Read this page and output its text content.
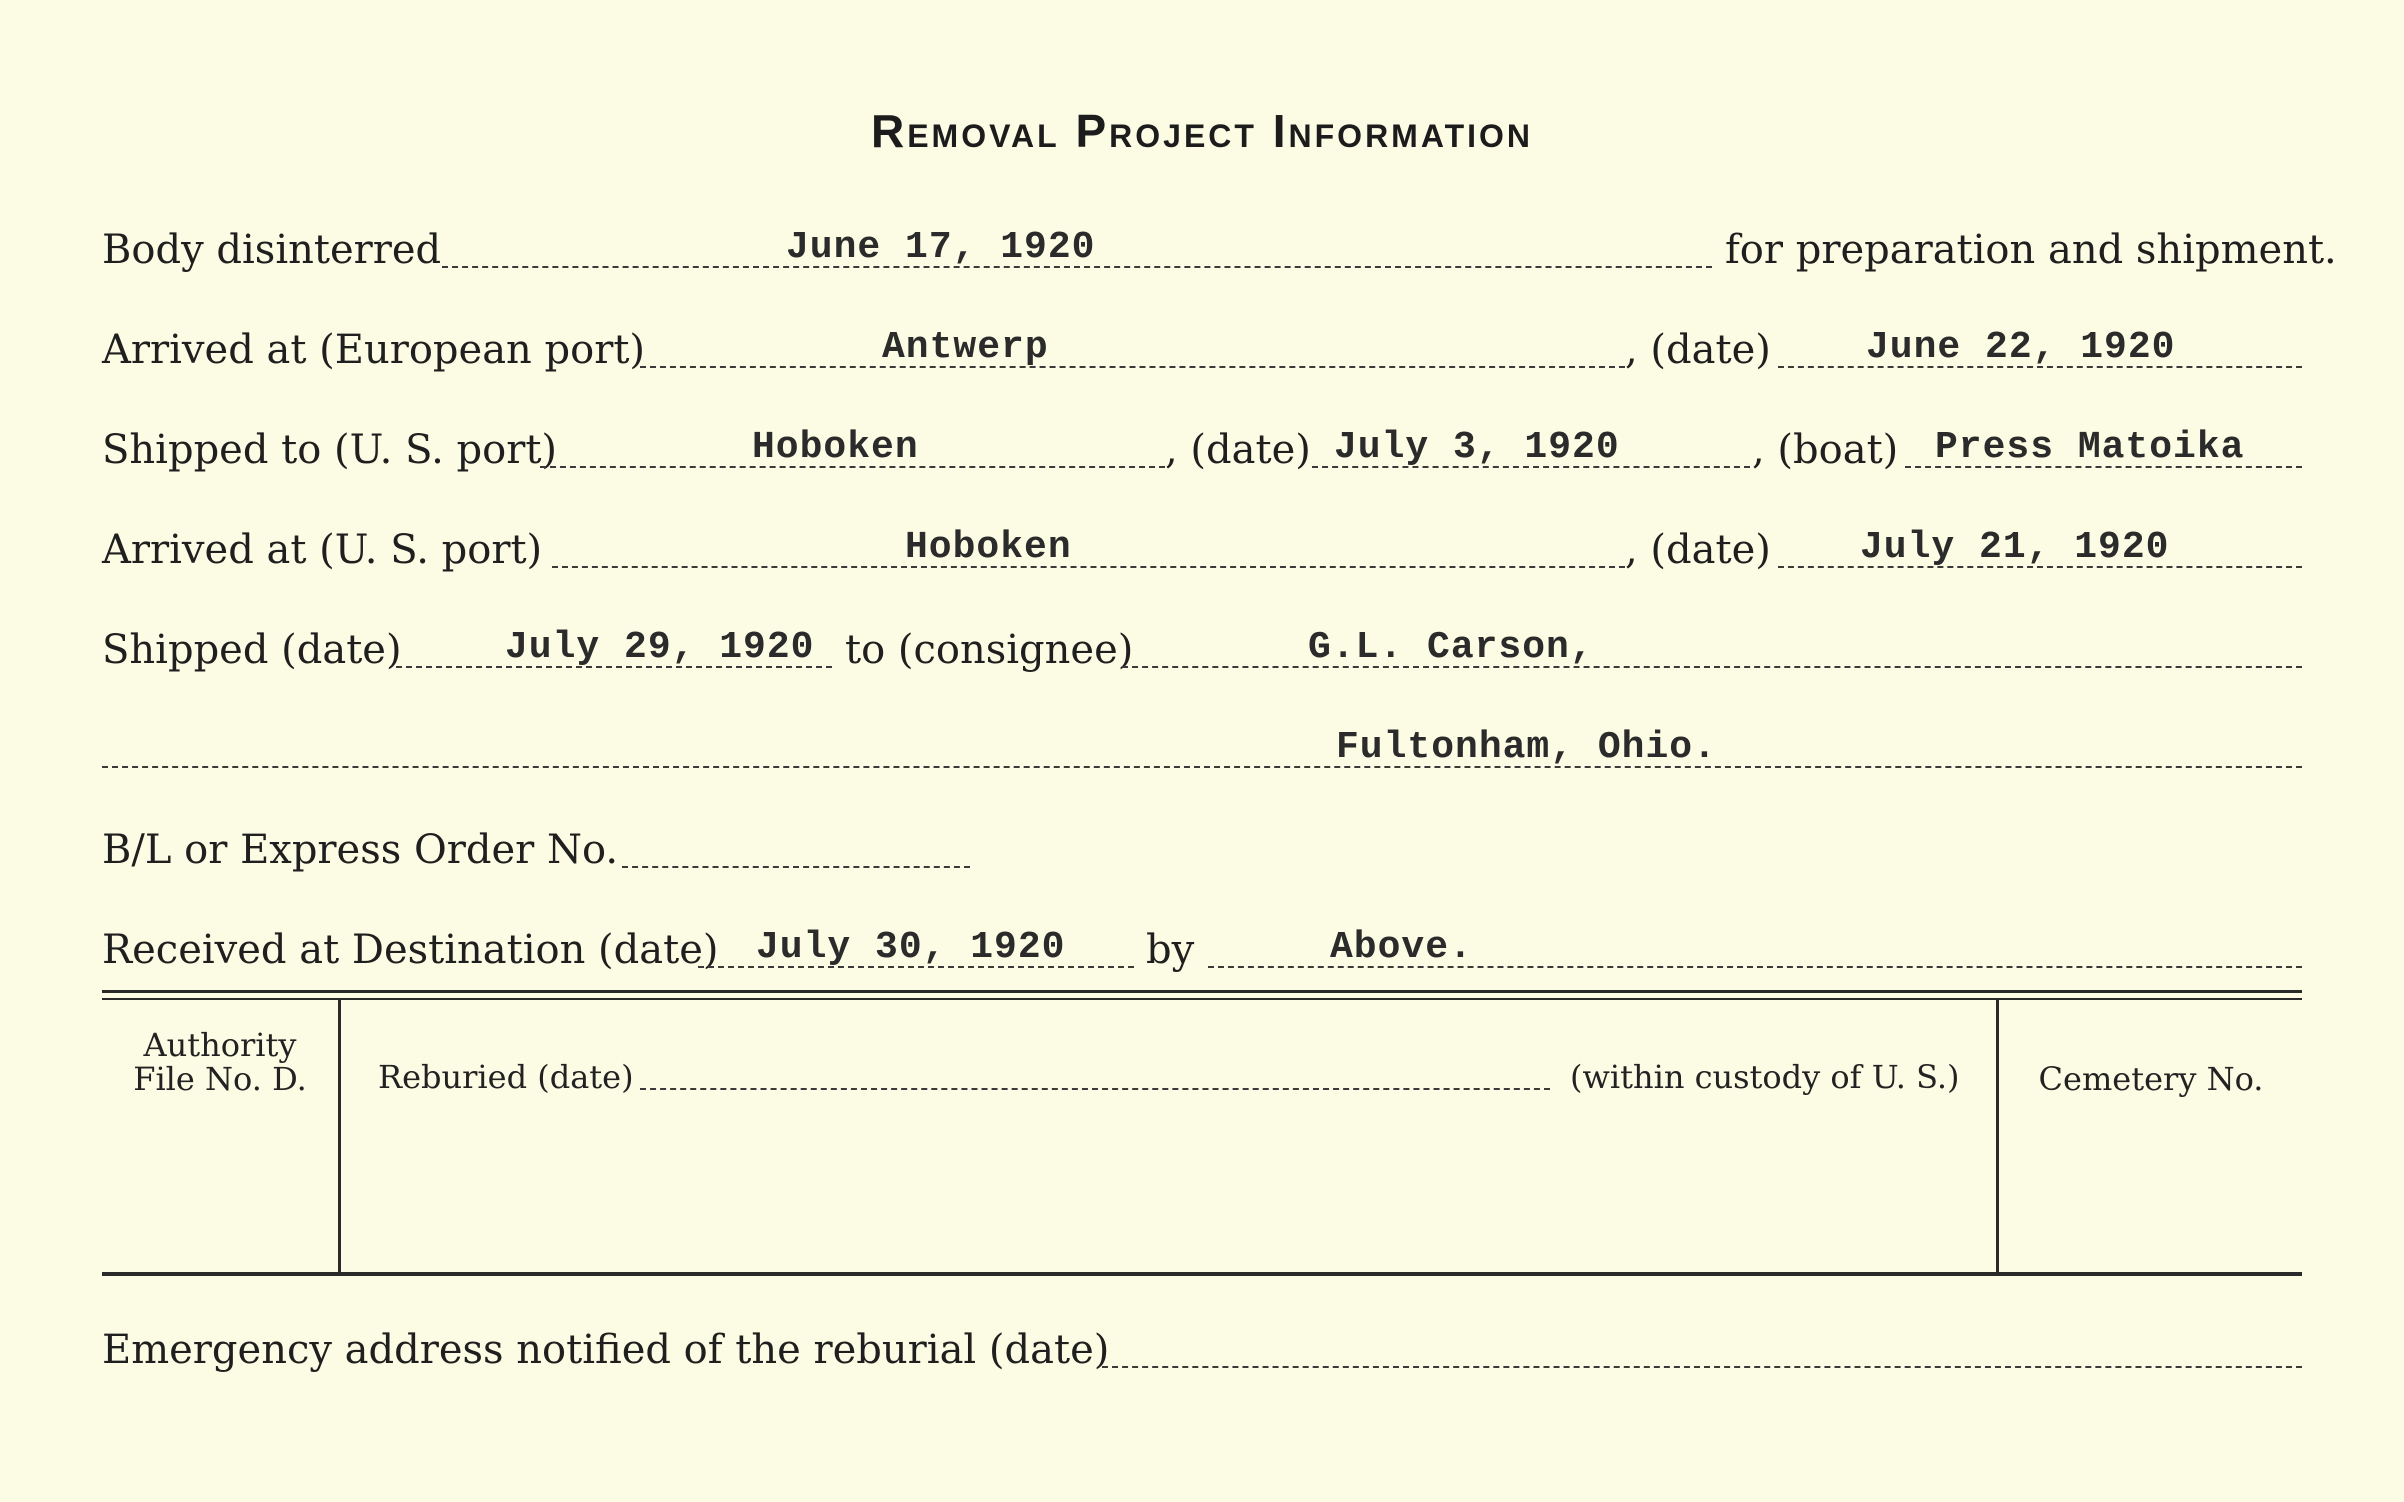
Removal Project Information
Body disinterred	June 17, 1920	for preparation and shipment.
Arrived at (European port)	Antwerp	, (date)	June 22, 1920
Shipped to (U. S. port)	Hoboken	, (date) July 3, 1920	, (boat) Press Matoika
Arrived at (U. S. port)	Hoboken	, (date) July 21, 1920
Shipped (date)	July 29, 1920 to (consignee)	G.L. Carson,
Fultonham, Ohio.
B/L or Express Order No.
Received at Destination (date) July 30, 1920 by	Above.
Authority
File No. D.	Reburied (date)	(within custody of U. S.)	Cemetery No.
Emergency address notified of the reburial (date)
